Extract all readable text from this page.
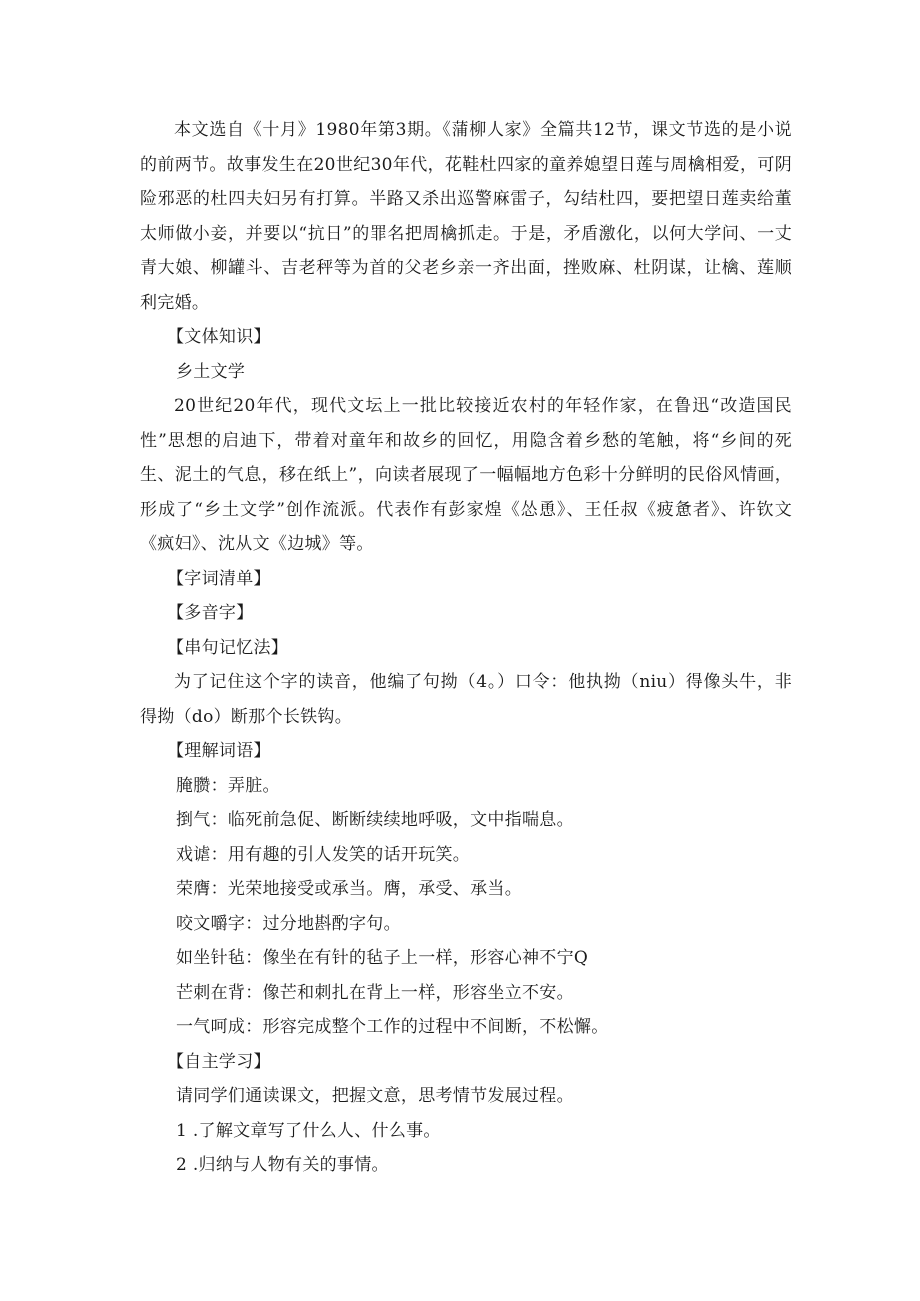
本文选自《十月》1980年第3期。《蒲柳人家》全篇共12节，课文节选的是小说的前两节。故事发生在20世纪30年代，花鞋杜四家的童养媳望日莲与周檎相爱，可阴险邪恶的杜四夫妇另有打算。半路又杀出巡警麻雷子，勾结杜四，要把望日莲卖给董太师做小妾，并要以“抗日”的罪名把周檎抓走。于是，矛盾激化，以何大学问、一丈青大娘、柳罐斗、吉老秤等为首的父老乡亲一齐出面，挫败麻、杜阴谋，让檎、莲顺利完婚。

【文体知识】

乡土文学

20世纪20年代，现代文坛上一批比较接近农村的年轻作家，在鲁迅“改造国民性”思想的启迪下，带着对童年和故乡的回忆，用隐含着乡愁的笔触，将“乡间的死生、泥土的气息，移在纸上”，向读者展现了一幅幅地方色彩十分鲜明的民俗风情画，形成了“乡土文学”创作流派。代表作有彭家煌《怂恿》、王任叔《疲惫者》、许钦文《疯妇》、沈从文《边城》等。

【字词清单】

【多音字】

【串句记忆法】

为了记住这个字的读音，他编了句拗（4。）口令：他执拗（niu）得像头牛，非得拗（do）断那个长铁钩。

【理解词语】

腌臜：弄脏。

捯气：临死前急促、断断续续地呼吸，文中指喘息。

戏谑：用有趣的引人发笑的话开玩笑。

荣膺：光荣地接受或承当。膺，承受、承当。

咬文嚼字：过分地斟酌字句。

如坐针毡：像坐在有针的毡子上一样，形容心神不宁Q

芒刺在背：像芒和刺扎在背上一样，形容坐立不安。

一气呵成：形容完成整个工作的过程中不间断，不松懈。

【自主学习】

请同学们通读课文，把握文意，思考情节发展过程。

1 .了解文章写了什么人、什么事。

2 .归纳与人物有关的事情。
